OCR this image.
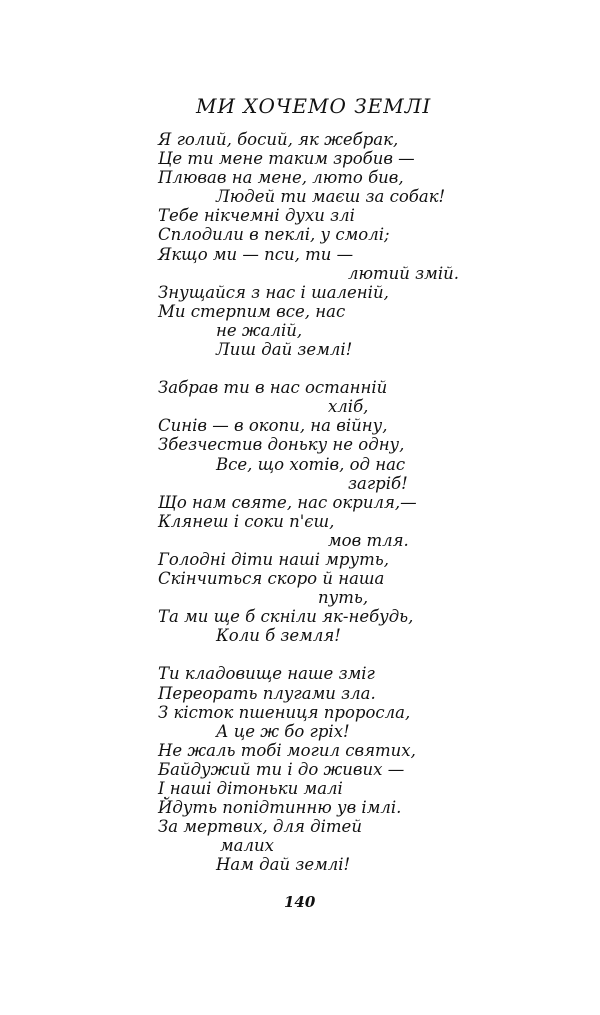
МИ ХОЧЕМО ЗЕМЛІ
Я голий, босий, як жебрак,
Це ти мене таким зробив —
Плював на мене, люто бив,
Людей ти маєш за собак!
Тебе нікчемні духи злі
Сплодили в пеклі, у смолі;
Якщо ми — пси, ти —
лютий змій.
Знущайся з нас і шаленій,
Ми стерпим все, нас
не жалій,
Лиш дай землі!
Забрав ти в нас останній
хліб,
Синів — в окопи, на війну,
Збезчестив доньку не одну,
Все, що хотів, од нас
загріб!
Що нам святе, нас окриля,—
Клянеш і соки п'єш,
мов тля.
Голодні діти наші мруть,
Скінчиться скоро й наша
путь,
Та ми ще б скніли як-небудь,
Коли б земля!
Ти кладовище наше зміг
Переорать плугами зла.
З кісток пшениця проросла,
А це ж бо гріх!
Не жаль тобі могил святих,
Байдужий ти і до живих —
І наші дітоньки малі
Йдуть попідтинню ув імлі.
За мертвих, для дітей
малих
Нам дай землі!
140
